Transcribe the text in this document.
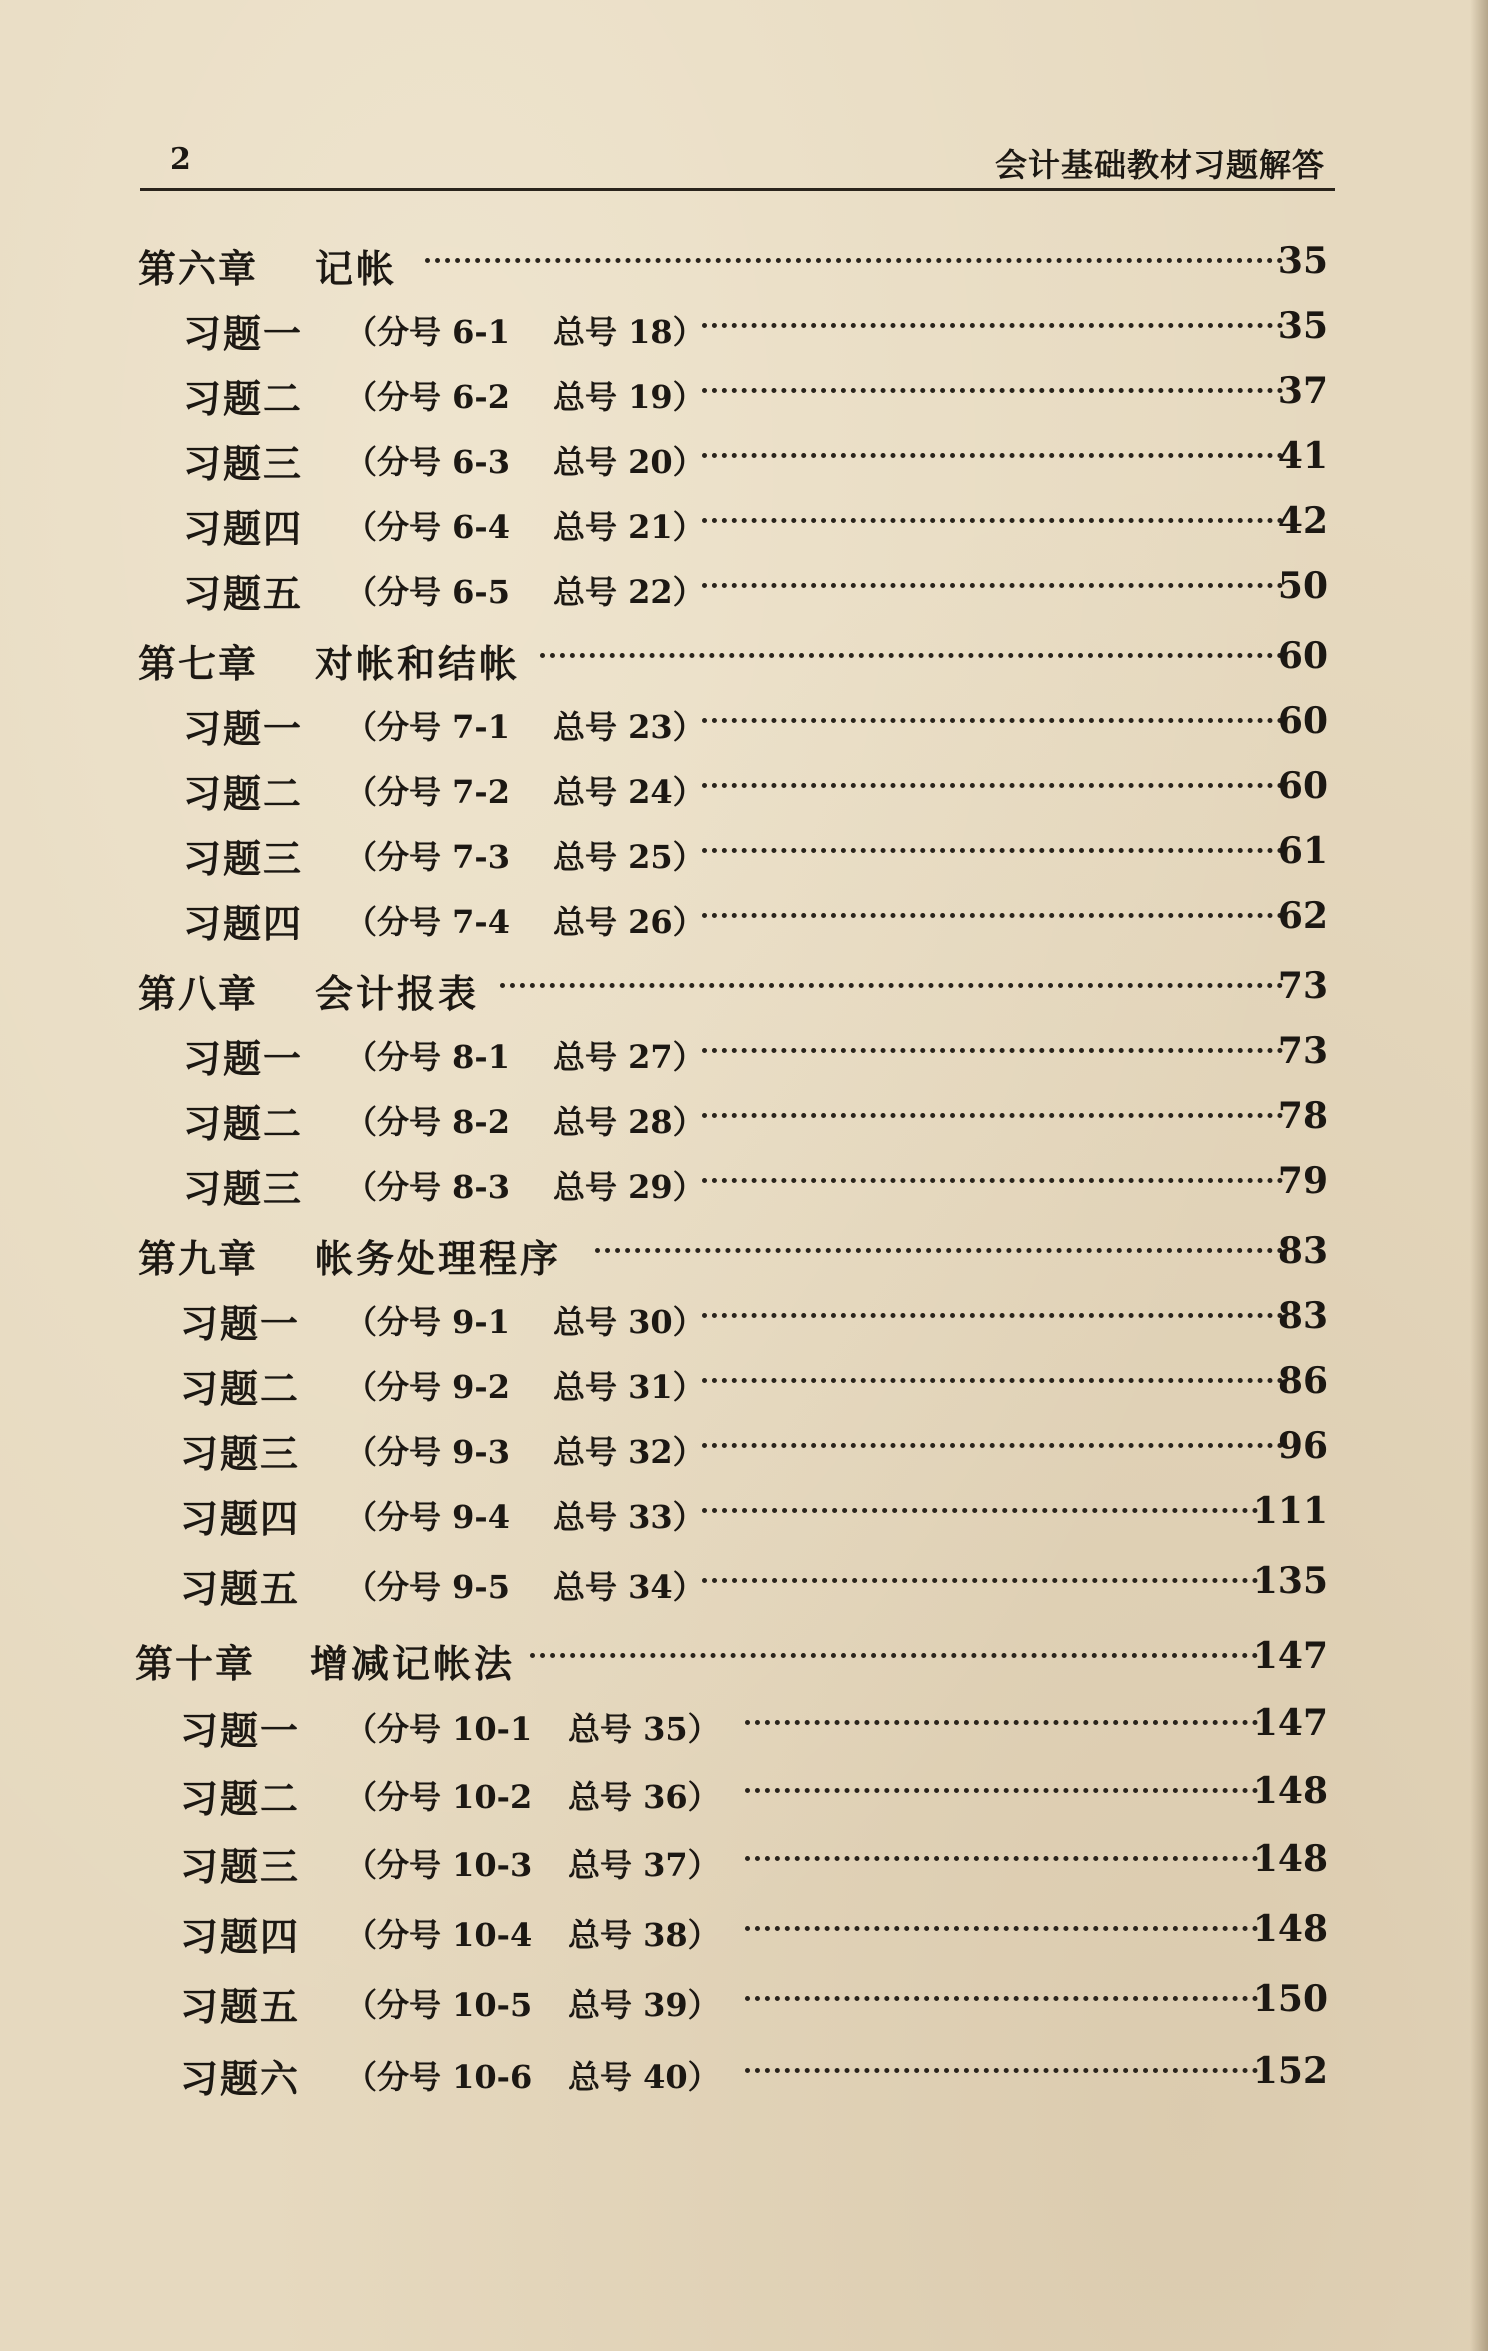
2	会计基础教材习题解答
第六章 记帐	35
习题一 （分号 6-1 总号 18）	35
习题二 （分号 6-2 总号 19）	37
习题三 （分号 6-3 总号 20）	41
习题四 （分号 6-4 总号 21）	42
习题五 （分号 6-5 总号 22）	50
第七章 对帐和结帐	60
习题一 （分号 7-1 总号 23）	60
习题二 （分号 7-2 总号 24）	60
习题三 （分号 7-3 总号 25）	61
习题四 （分号 7-4 总号 26）	62
第八章 会计报表	73
习题一 （分号 8-1 总号 27）	73
习题二 （分号 8-2 总号 28）	78
习题三 （分号 8-3 总号 29）	79
第九章 帐务处理程序	83
习题一 （分号 9-1 总号 30）	83
习题二 （分号 9-2 总号 31）	86
习题三 （分号 9-3 总号 32）	96
习题四 （分号 9-4 总号 33）	111
习题五 （分号 9-5 总号 34）	135
第十章 增减记帐法	147
习题一 （分号 10-1 总号 35）	147
习题二 （分号 10-2 总号 36）	148
习题三 （分号 10-3 总号 37）	148
习题四 （分号 10-4 总号 38）	148
习题五 （分号 10-5 总号 39）	150
习题六 （分号 10-6 总号 40）	152
